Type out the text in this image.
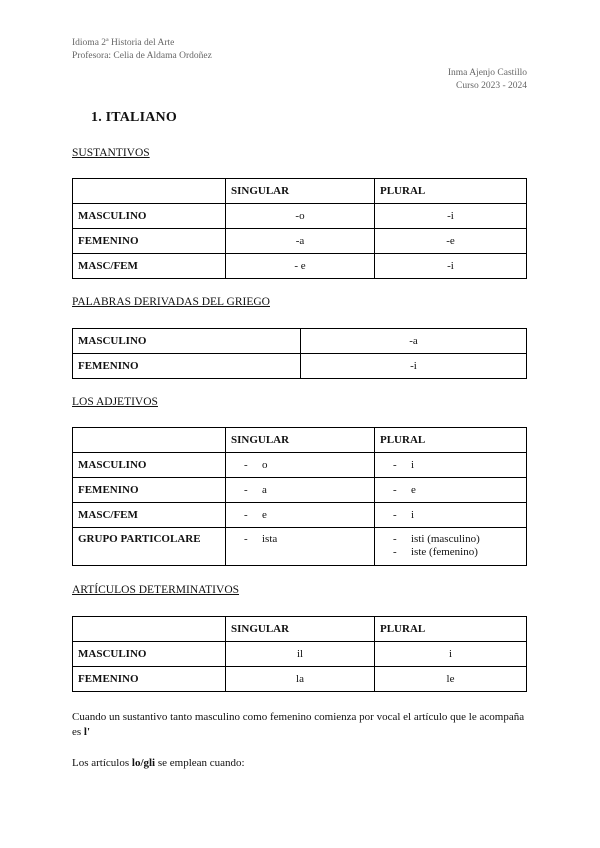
Idioma 2ª Historia del Arte
Profesora: Celia de Aldama Ordoñez
Inma Ajenjo Castillo
Curso 2023 - 2024
1. ITALIANO
SUSTANTIVOS
	SINGULAR	PLURAL
MASCULINO	-o	-i
FEMENINO	-a	-e
MASC/FEM	- e	-i
PALABRAS DERIVADAS DEL GRIEGO
MASCULINO	-a
FEMENINO	-i
LOS ADJETIVOS
	SINGULAR	PLURAL
MASCULINO	- o	- i
FEMENINO	- a	- e
MASC/FEM	- e	- i
GRUPO PARTICOLARE	- ista	- isti (masculino)
- iste (femenino)
ARTÍCULOS DETERMINATIVOS
	SINGULAR	PLURAL
MASCULINO	il	i
FEMENINO	la	le
Cuando un sustantivo tanto masculino como femenino comienza por vocal el artículo que le acompaña es l'
Los artículos lo/gli se emplean cuando:
